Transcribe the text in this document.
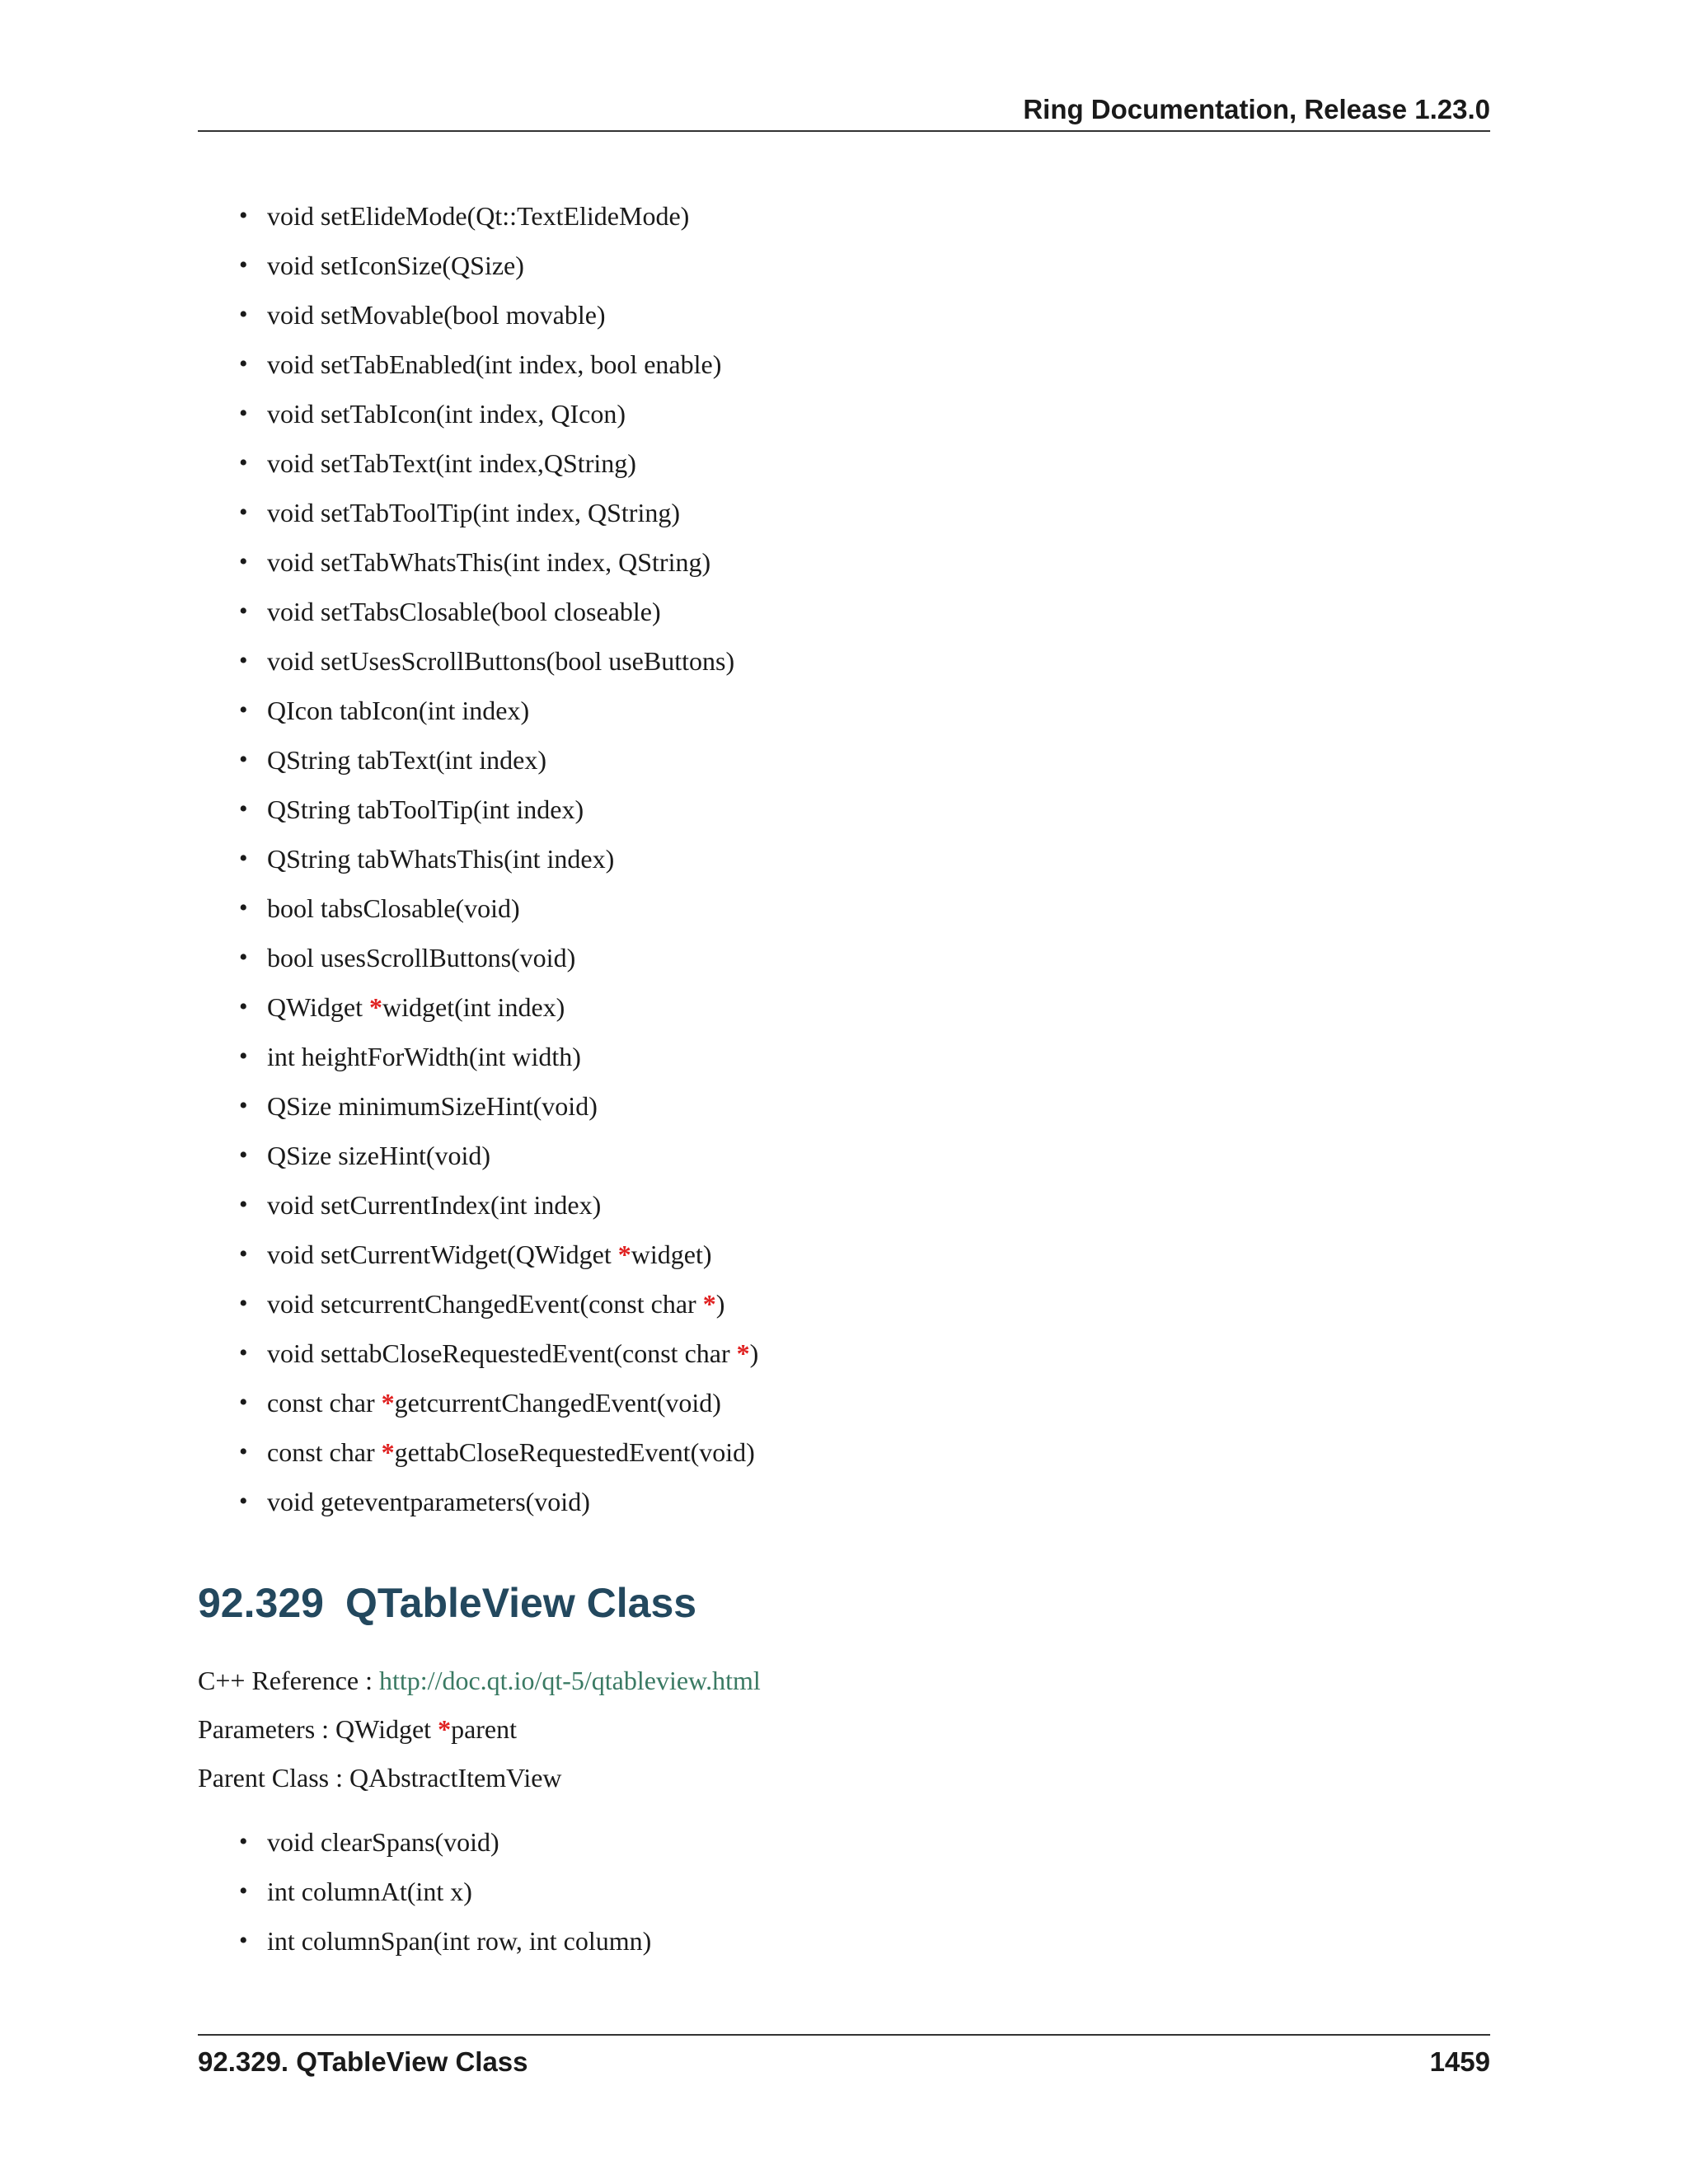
Ring Documentation, Release 1.23.0
• void setElideMode(Qt::TextElideMode)
• void setIconSize(QSize)
• void setMovable(bool movable)
• void setTabEnabled(int index, bool enable)
• void setTabIcon(int index, QIcon)
• void setTabText(int index,QString)
• void setTabToolTip(int index, QString)
• void setTabWhatsThis(int index, QString)
• void setTabsClosable(bool closeable)
• void setUsesScrollButtons(bool useButtons)
• QIcon tabIcon(int index)
• QString tabText(int index)
• QString tabToolTip(int index)
• QString tabWhatsThis(int index)
• bool tabsClosable(void)
• bool usesScrollButtons(void)
• QWidget *widget(int index)
• int heightForWidth(int width)
• QSize minimumSizeHint(void)
• QSize sizeHint(void)
• void setCurrentIndex(int index)
• void setCurrentWidget(QWidget *widget)
• void setcurrentChangedEvent(const char *)
• void settabCloseRequestedEvent(const char *)
• const char *getcurrentChangedEvent(void)
• const char *gettabCloseRequestedEvent(void)
• void geteventparameters(void)
92.329 QTableView Class
C++ Reference : http://doc.qt.io/qt-5/qtableview.html
Parameters : QWidget *parent
Parent Class : QAbstractItemView
• void clearSpans(void)
• int columnAt(int x)
• int columnSpan(int row, int column)
92.329. QTableView Class	1459
